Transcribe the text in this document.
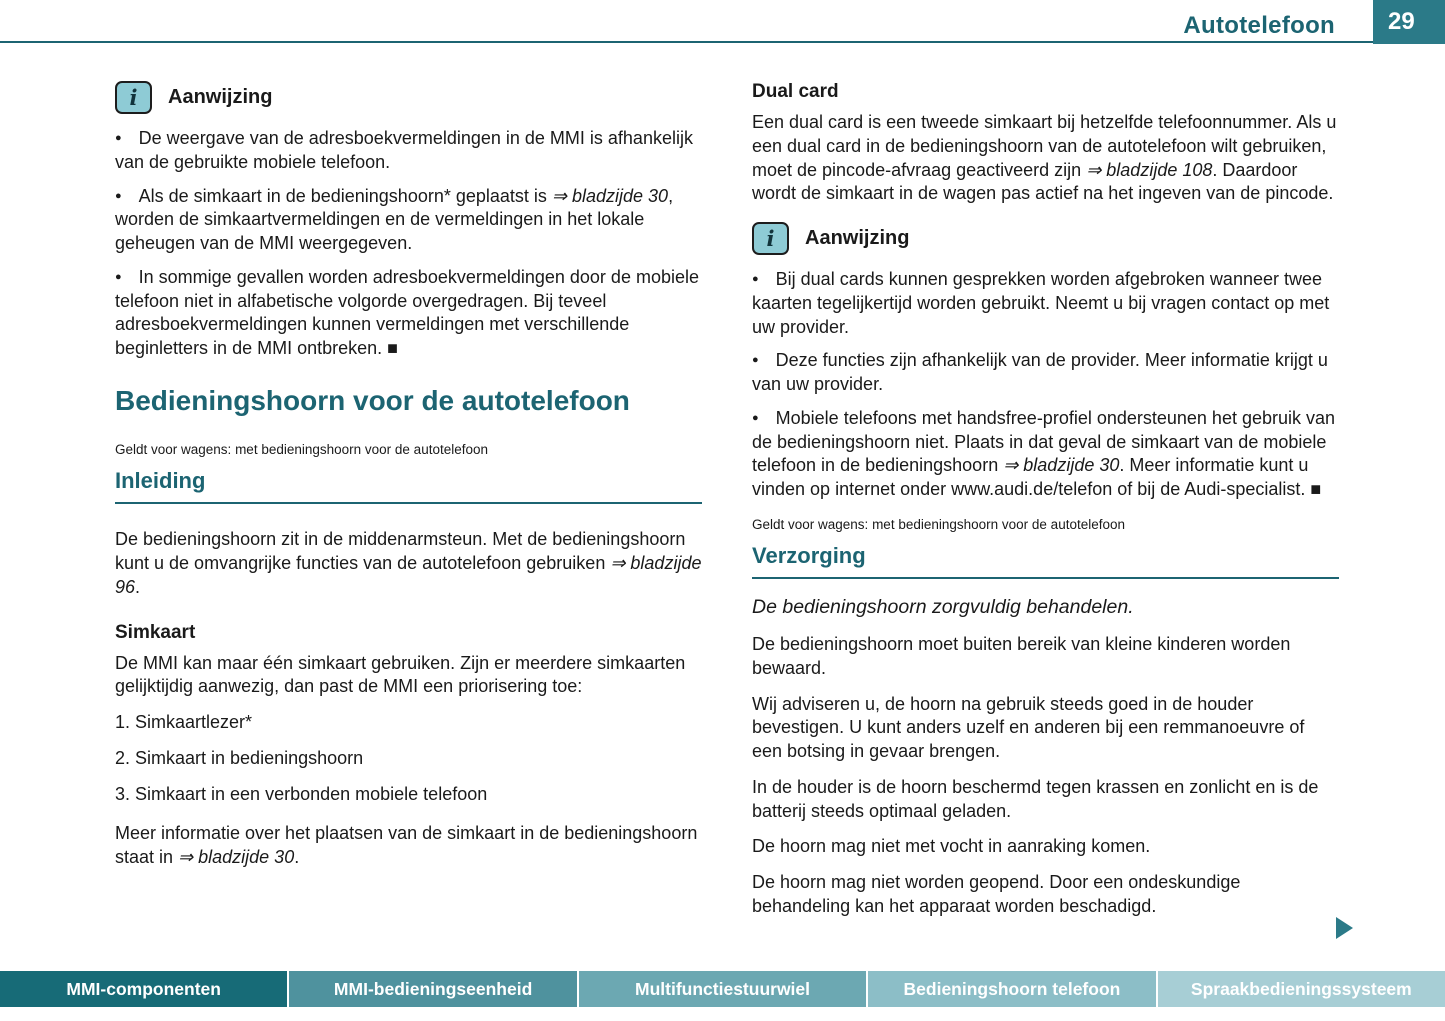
Autotelefoon	29
i Aanwijzing

● De weergave van de adresboekvermeldingen in de MMI is afhankelijk van de gebruikte mobiele telefoon.

● Als de simkaart in de bedieningshoorn* geplaatst is ⇒ bladzijde 30, worden de simkaartvermeldingen en de vermeldingen in het lokale geheugen van de MMI weergegeven.

● In sommige gevallen worden adresboekvermeldingen door de mobiele telefoon niet in alfabetische volgorde overgedragen. Bij teveel adresboekvermeldingen kunnen vermeldingen met verschillende beginletters in de MMI ontbreken. ■

Bedieningshoorn voor de autotelefoon
Geldt voor wagens: met bedieningshoorn voor de autotelefoon
Inleiding

De bedieningshoorn zit in de middenarmsteun. Met de bedieningshoorn kunt u de omvangrijke functies van de autotelefoon gebruiken ⇒ bladzijde 96.

Simkaart

De MMI kan maar één simkaart gebruiken. Zijn er meerdere simkaarten gelijktijdig aanwezig, dan past de MMI een priorisering toe:

1. Simkaartlezer*

2. Simkaart in bedieningshoorn

3. Simkaart in een verbonden mobiele telefoon

Meer informatie over het plaatsen van de simkaart in de bedieningshoorn staat in ⇒ bladzijde 30.

Dual card

Een dual card is een tweede simkaart bij hetzelfde telefoonnummer. Als u een dual card in de bedieningshoorn van de autotelefoon wilt gebruiken, moet de pincode-afvraag geactiveerd zijn ⇒ bladzijde 108. Daardoor wordt de simkaart in de wagen pas actief na het ingeven van de pincode.

i Aanwijzing

● Bij dual cards kunnen gesprekken worden afgebroken wanneer twee kaarten tegelijkertijd worden gebruikt. Neemt u bij vragen contact op met uw provider.

● Deze functies zijn afhankelijk van de provider. Meer informatie krijgt u van uw provider.

● Mobiele telefoons met handsfree-profiel ondersteunen het gebruik van de bedieningshoorn niet. Plaats in dat geval de simkaart van de mobiele telefoon in de bedieningshoorn ⇒ bladzijde 30. Meer informatie kunt u vinden op internet onder www.audi.de/telefon of bij de Audi-specialist. ■

Geldt voor wagens: met bedieningshoorn voor de autotelefoon
Verzorging

De bedieningshoorn zorgvuldig behandelen.

De bedieningshoorn moet buiten bereik van kleine kinderen worden bewaard.

Wij adviseren u, de hoorn na gebruik steeds goed in de houder bevestigen. U kunt anders uzelf en anderen bij een remmanoeuvre of een botsing in gevaar brengen.

In de houder is de hoorn beschermd tegen krassen en zonlicht en is de batterij steeds optimaal geladen.

De hoorn mag niet met vocht in aanraking komen.

De hoorn mag niet worden geopend. Door een ondeskundige behandeling kan het apparaat worden beschadigd.

MMI-componenten	MMI-bedieningseenheid	Multifunctiestuurwiel	Bedieningshoorn telefoon	Spraakbedieningssysteem
